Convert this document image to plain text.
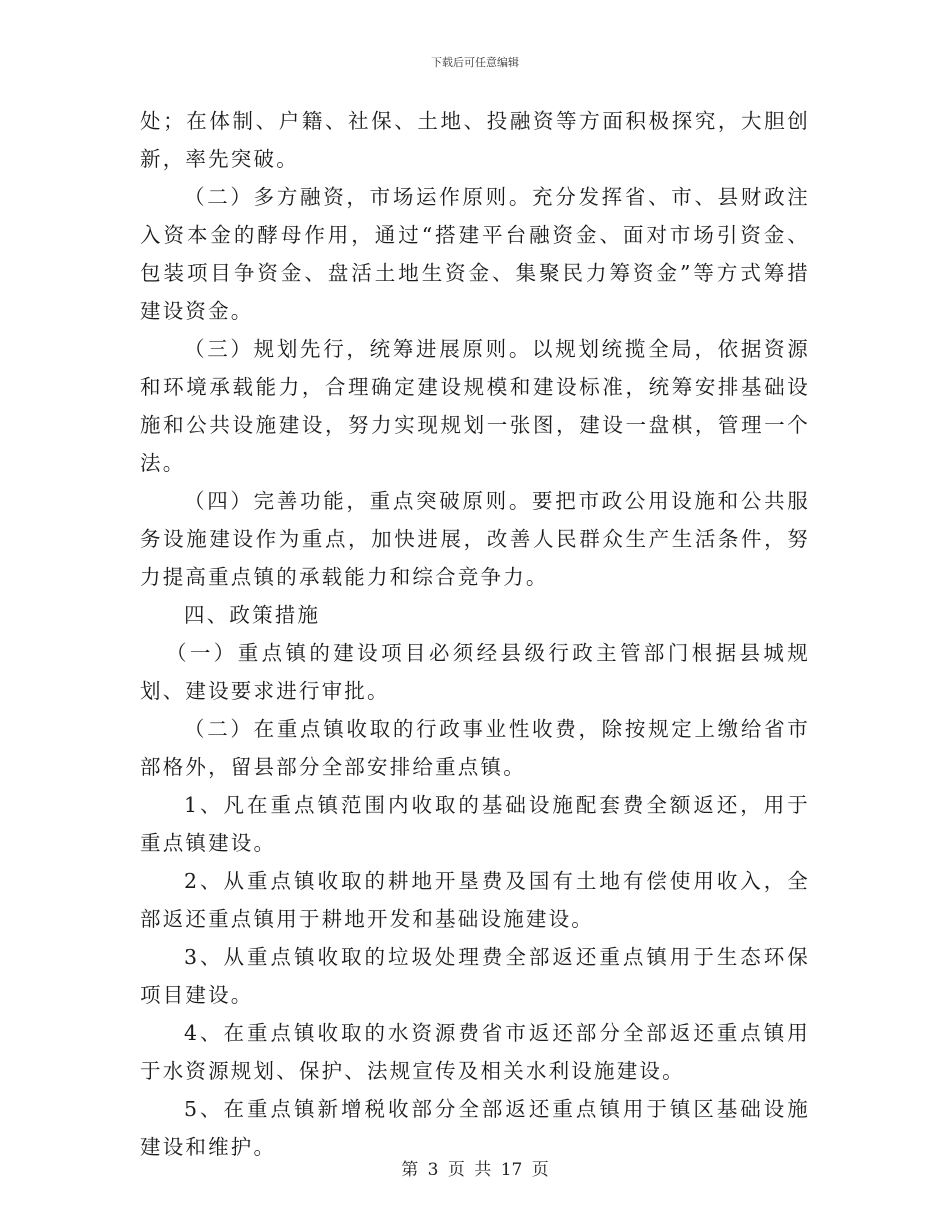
下载后可任意编辑

处；在体制、户籍、社保、土地、投融资等方面积极探究，大胆创新，率先突破。

（二）多方融资，市场运作原则。充分发挥省、市、县财政注入资本金的酵母作用，通过“搭建平台融资金、面对市场引资金、包装项目争资金、盘活土地生资金、集聚民力筹资金”等方式筹措建设资金。

（三）规划先行，统筹进展原则。以规划统揽全局，依据资源和环境承载能力，合理确定建设规模和建设标准，统筹安排基础设施和公共设施建设，努力实现规划一张图，建设一盘棋，管理一个法。

（四）完善功能，重点突破原则。要把市政公用设施和公共服务设施建设作为重点，加快进展，改善人民群众生产生活条件，努力提高重点镇的承载能力和综合竞争力。

四、政策措施

（一）重点镇的建设项目必须经县级行政主管部门根据县城规划、建设要求进行审批。

（二）在重点镇收取的行政事业性收费，除按规定上缴给省市部格外，留县部分全部安排给重点镇。

1、凡在重点镇范围内收取的基础设施配套费全额返还，用于重点镇建设。

2、从重点镇收取的耕地开垦费及国有土地有偿使用收入，全部返还重点镇用于耕地开发和基础设施建设。

3、从重点镇收取的垃圾处理费全部返还重点镇用于生态环保项目建设。

4、在重点镇收取的水资源费省市返还部分全部返还重点镇用于水资源规划、保护、法规宣传及相关水利设施建设。

5、在重点镇新增税收部分全部返还重点镇用于镇区基础设施建设和维护。

第 3 页 共 17 页
